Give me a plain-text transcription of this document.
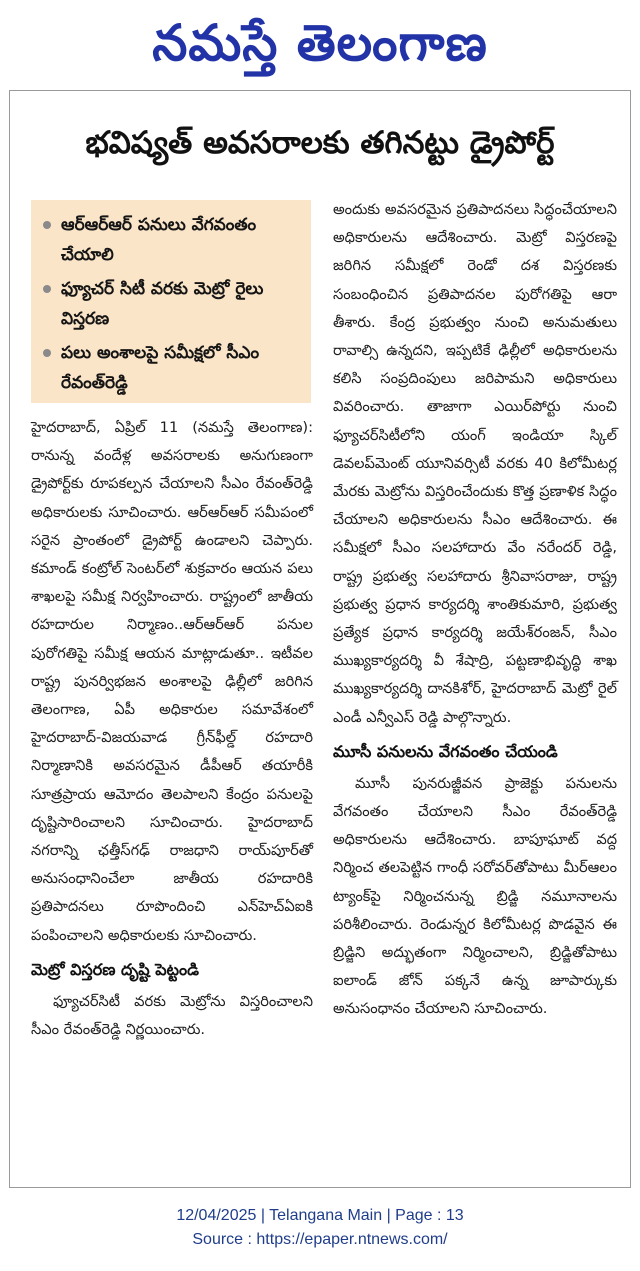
నమస్తే తెలంగాణ
భవిష్యత్ అవసరాలకు తగినట్టు డ్రైపోర్ట్
ఆర్ఆర్ఆర్ పనులు వేగవంతం చేయాలి
ఫ్యూచర్ సిటీ వరకు మెట్రో రైలు విస్తరణ
పలు అంశాలపై సమీక్షలో సీఎం రేవంత్‌రెడ్డి

హైదరాబాద్, ఏప్రిల్ 11 (నమస్తే తెలంగాణ): రానున్న వందేళ్ల అవసరాలకు అనుగుణంగా డ్రైపోర్ట్‌కు రూపకల్పన చేయాలని సీఎం రేవంత్‌రెడ్డి అధికారులకు సూచించారు. ఆర్ఆర్ఆర్ సమీపంలో సరైన ప్రాంతంలో డ్రైపోర్ట్ ఉండాలని చెప్పారు. కమాండ్ కంట్రోల్ సెంటర్‌లో శుక్రవారం ఆయన పలు శాఖలపై సమీక్ష నిర్వహించారు. రాష్ట్రంలో జాతీయ రహదారుల నిర్మాణం..ఆర్ఆర్ఆర్ పనుల పురోగతిపై సమీక్ష ఆయన మాట్లాడుతూ.. ఇటీవల రాష్ట్ర పునర్విభజన అంశాలపై ఢిల్లీలో జరిగిన తెలంగాణ, ఏపీ అధికారుల సమావేశంలో హైదరాబాద్-విజయవాడ గ్రీన్‌ఫీల్డ్ రహదారి నిర్మాణానికి అవసరమైన డీపీఆర్ తయారీకి సూత్రప్రాయ ఆమోదం తెలపాలని కేంద్రం పనులపై దృష్టిసారించాలని సూచించారు. హైదరాబాద్ నగరాన్ని ఛత్తీస్‌గఢ్ రాజధాని రాయ్‌పూర్‌తో అనుసంధానించేలా జాతీయ రహదారికి ప్రతిపాదనలు రూపొందించి ఎన్‌హెచ్ఏఐకి పంపించాలని అధికారులకు సూచించారు.

మెట్రో విస్తరణ దృష్టి పెట్టండి

ఫ్యూచర్‌సిటీ వరకు మెట్రోను విస్తరించాలని సీఎం రేవంత్‌రెడ్డి నిర్ణయించారు.

అందుకు అవసరమైన ప్రతిపాదనలు సిద్ధంచేయాలని అధికారులను ఆదేశించారు. మెట్రో విస్తరణపై జరిగిన సమీక్షలో రెండో దశ విస్తరణకు సంబంధించిన ప్రతిపాదనల పురోగతిపై ఆరా తీశారు. కేంద్ర ప్రభుత్వం నుంచి అనుమతులు రావాల్సి ఉన్నదని, ఇప్పటికే ఢిల్లీలో అధికారులను కలిసి సంప్రదింపులు జరిపామని అధికారులు వివరించారు. తాజాగా ఎయిర్‌పోర్టు నుంచి ఫ్యూచర్‌సిటీలోని యంగ్ ఇండియా స్కిల్ డెవలప్‌మెంట్ యూనివర్సిటీ వరకు 40 కిలోమీటర్ల మేరకు మెట్రోను విస్తరించేందుకు కొత్త ప్రణాళిక సిద్ధం చేయాలని అధికారులను సీఎం ఆదేశించారు. ఈ సమీక్షలో సీఎం సలహాదారు వేం నరేందర్ రెడ్డి, రాష్ట్ర ప్రభుత్వ సలహాదారు శ్రీనివాసరాజు, రాష్ట్ర ప్రభుత్వ ప్రధాన కార్యదర్శి శాంతికుమారి, ప్రభుత్వ ప్రత్యేక ప్రధాన కార్యదర్శి జయేశ్‌రంజన్, సీఎం ముఖ్యకార్యదర్శి వీ శేషాద్రి, పట్టణాభివృద్ధి శాఖ ముఖ్యకార్యదర్శి దానకిశోర్, హైదరాబాద్ మెట్రో రైల్ ఎండీ ఎన్వీఎస్ రెడ్డి పాల్గొన్నారు.

మూసీ పనులను వేగవంతం చేయండి

మూసీ పునరుజ్జీవన ప్రాజెక్టు పనులను వేగవంతం చేయాలని సీఎం రేవంత్‌రెడ్డి అధికారులను ఆదేశించారు. బాపూఘాట్ వద్ద నిర్మించ తలపెట్టిన గాంధీ సరోవర్‌తోపాటు మీర్‌ఆలం ట్యాంక్‌పై నిర్మించనున్న బ్రిడ్జి నమూనాలను పరిశీలించారు. రెండున్నర కిలోమీటర్ల పొడవైన ఈ బ్రిడ్జిని అద్భుతంగా నిర్మించాలని, బ్రిడ్జితోపాటు ఐలాండ్ జోన్ పక్కనే ఉన్న జూపార్కుకు అనుసంధానం చేయాలని సూచించారు.

12/04/2025 | Telangana Main | Page : 13
Source : https://epaper.ntnews.com/
